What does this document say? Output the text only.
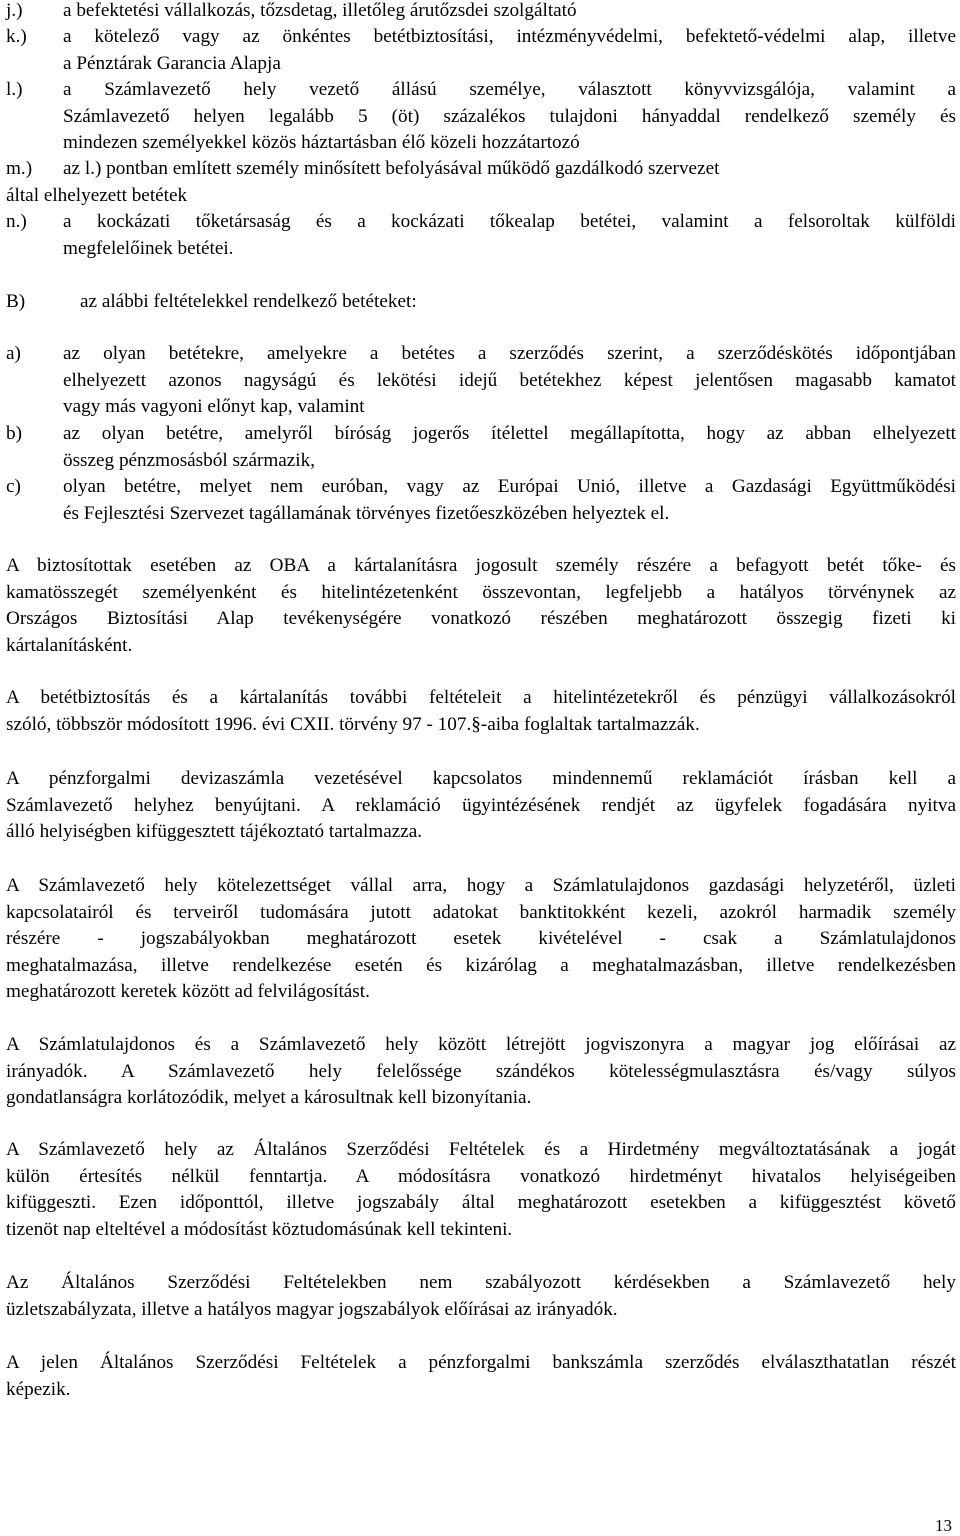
j.) a befektetési vállalkozás, tőzsdetag, illetőleg árutőzsdei szolgáltató
k.) a kötelező vagy az önkéntes betétbiztosítási, intézményvédelmi, befektető-védelmi alap, illetve
a Pénztárak Garancia Alapja
l.) a Számlavezető hely vezető állású személye, választott könyvvizsgálója, valamint a
Számlavezető helyen legalább 5 (öt) százalékos tulajdoni hányaddal rendelkező személy és
mindezen személyekkel közös háztartásban élő közeli hozzátartozó
m.) az l.) pontban említett személy minősített befolyásával működő gazdálkodó szervezet
által elhelyezett betétek
n.) a kockázati tőketársaság és a kockázati tőkealap betétei, valamint a felsoroltak külföldi
megfelelőinek betétei.
B)	az alábbi feltételekkel rendelkező betéteket:
a) az olyan betétekre, amelyekre a betétes a szerződés szerint, a szerződéskötés időpontjában
elhelyezett azonos nagyságú és lekötési idejű betétekhez képest jelentősen magasabb kamatot
vagy más vagyoni előnyt kap, valamint
b) az olyan betétre, amelyről bíróság jogerős ítélettel megállapította, hogy az abban elhelyezett
összeg pénzmosásból származik,
c) olyan betétre, melyet nem euróban, vagy az Európai Unió, illetve a Gazdasági Együttműködési
és Fejlesztési Szervezet tagállamának törvényes fizetőeszközében helyeztek el.
A biztosítottak esetében az OBA a kártalanításra jogosult személy részére a befagyott betét tőke- és
kamatösszegét személyenként és hitelintézetenként összevontan, legfeljebb a hatályos törvénynek az
Országos Biztosítási Alap tevékenységére vonatkozó részében meghatározott összegig fizeti ki
kártalanításként.
A betétbiztosítás és a kártalanítás további feltételeit a hitelintézetekről és pénzügyi vállalkozásokról
szóló, többször módosított 1996. évi CXII. törvény 97 - 107.§-aiba foglaltak tartalmazzák.
A pénzforgalmi devizaszámla vezetésével kapcsolatos mindennemű reklamációt írásban kell a
Számlavezető helyhez benyújtani. A reklamáció ügyintézésének rendjét az ügyfelek fogadására nyitva
álló helyiségben kifüggesztett tájékoztató tartalmazza.
A Számlavezető hely kötelezettséget vállal arra, hogy a Számlatulajdonos gazdasági helyzetéről, üzleti
kapcsolatairól és terveiről tudomására jutott adatokat banktitokként kezeli, azokról harmadik személy
részére - jogszabályokban meghatározott esetek kivételével - csak a Számlatulajdonos
meghatalmazása, illetve rendelkezése esetén és kizárólag a meghatalmazásban, illetve rendelkezésben
meghatározott keretek között ad felvilágosítást.
A Számlatulajdonos és a Számlavezető hely között létrejött jogviszonyra a magyar jog előírásai az
irányadók. A Számlavezető hely felelőssége szándékos kötelességmulasztásra és/vagy súlyos
gondatlanságra korlátozódik, melyet a károsultnak kell bizonyítania.
A Számlavezető hely az Általános Szerződési Feltételek és a Hirdetmény megváltoztatásának a jogát
külön értesítés nélkül fenntartja. A módosításra vonatkozó hirdetményt hivatalos helyiségeiben
kifüggeszti. Ezen időponttól, illetve jogszabály által meghatározott esetekben a kifüggesztést követő
tizenöt nap elteltével a módosítást köztudomásúnak kell tekinteni.
Az Általános Szerződési Feltételekben nem szabályozott kérdésekben a Számlavezető hely
üzletszabályzata, illetve a hatályos magyar jogszabályok előírásai az irányadók.
A jelen Általános Szerződési Feltételek a pénzforgalmi bankszámla szerződés elválaszthatatlan részét
képezik.
13
